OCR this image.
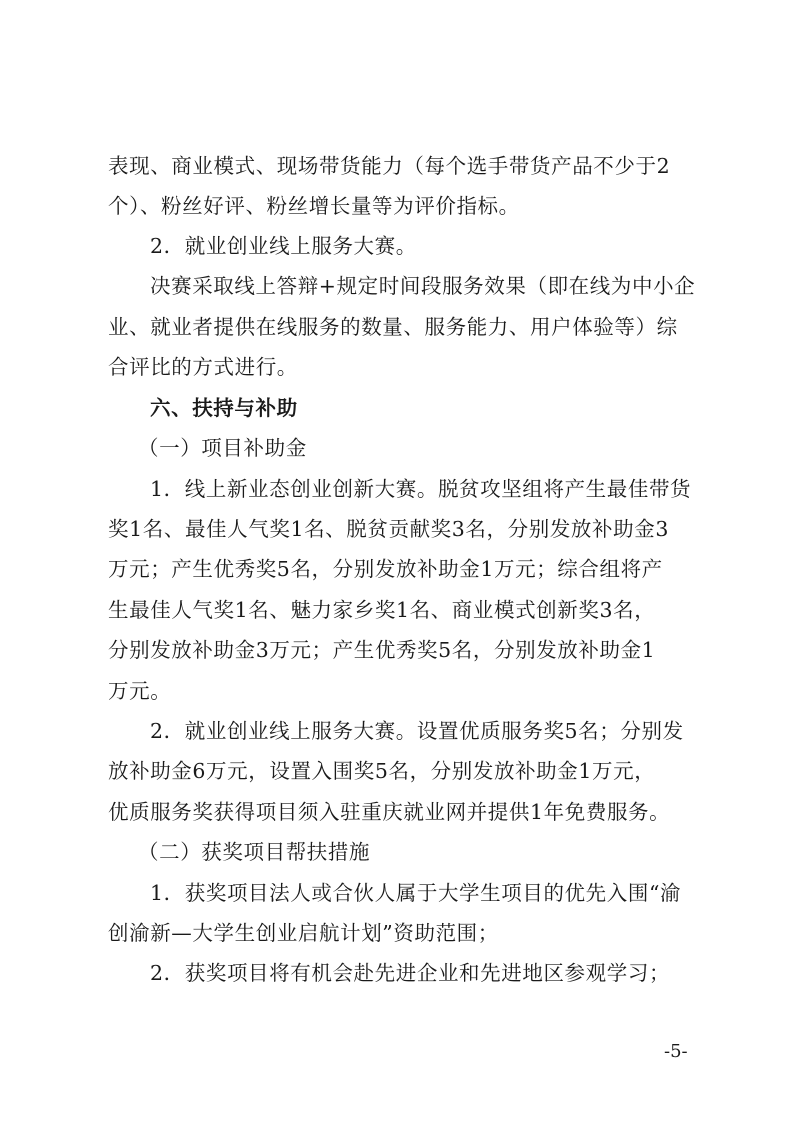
表现、商业模式、现场带货能力（每个选手带货产品不少于2
个）、粉丝好评、粉丝增长量等为评价指标。
2．就业创业线上服务大赛。
决赛采取线上答辩+规定时间段服务效果（即在线为中小企
业、就业者提供在线服务的数量、服务能力、用户体验等）综
合评比的方式进行。
六、扶持与补助
（一）项目补助金
1．线上新业态创业创新大赛。脱贫攻坚组将产生最佳带货
奖1名、最佳人气奖1名、脱贫贡献奖3名，分别发放补助金3
万元；产生优秀奖5名，分别发放补助金1万元；综合组将产
生最佳人气奖1名、魅力家乡奖1名、商业模式创新奖3名，
分别发放补助金3万元；产生优秀奖5名，分别发放补助金1
万元。
2．就业创业线上服务大赛。设置优质服务奖5名；分别发
放补助金6万元，设置入围奖5名，分别发放补助金1万元，
优质服务奖获得项目须入驻重庆就业网并提供1年免费服务。
（二）获奖项目帮扶措施
1．获奖项目法人或合伙人属于大学生项目的优先入围“渝
创渝新—大学生创业启航计划”资助范围；
2．获奖项目将有机会赴先进企业和先进地区参观学习；
-5-
